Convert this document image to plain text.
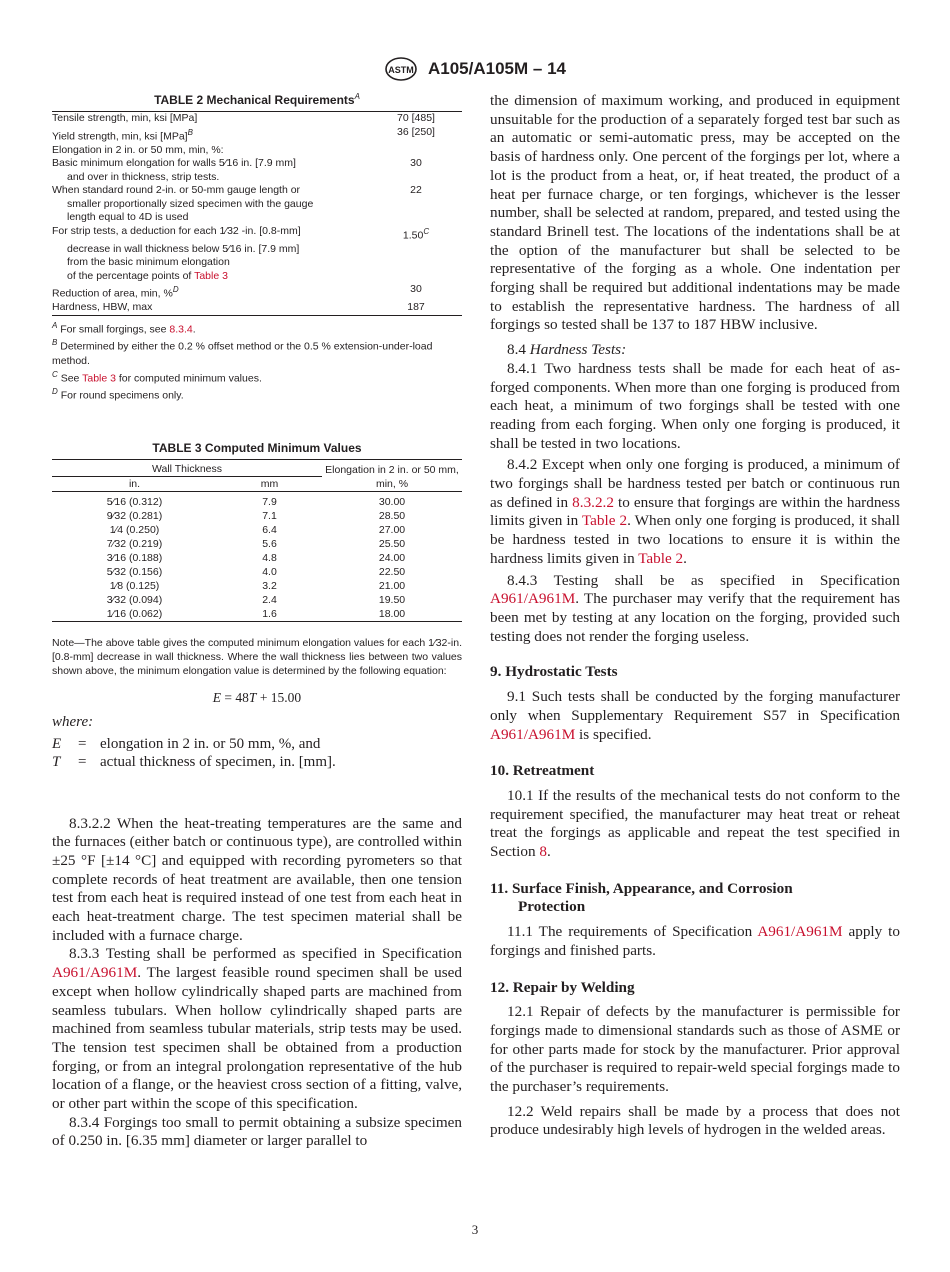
ASTM A105/A105M – 14
TABLE 2 Mechanical Requirements$^A$
Tensile strength, min, ksi [MPa]	70 [485]
Yield strength, min, ksi [MPa]$^B$	36 [250]
Elongation in 2 in. or 50 mm, min, %:	
Basic minimum elongation for walls 5⁄16 in. [7.9 mm]	30
and over in thickness, strip tests.	
When standard round 2-in. or 50-mm gauge length or	22
smaller proportionally sized specimen with the gauge	
length equal to 4D is used	
For strip tests, a deduction for each 1⁄32 -in. [0.8-mm]	$1.50^C$
decrease in wall thickness below 5⁄16 in. [7.9 mm]	
from the basic minimum elongation	
of the percentage points of Table 3	
Reduction of area, min, %$^D$	30
Hardness, HBW, max	187
$^A$ For small forgings, see 8.3.4.
$^B$ Determined by either the 0.2 % offset method or the 0.5 % extension-under-load method.
$^C$ See Table 3 for computed minimum values.
$^D$ For round specimens only.
TABLE 3 Computed Minimum Values
Wall Thickness		Elongation in 2 in. or 50 mm, min, %
in.	mm	
5⁄16 (0.312)	7.9	30.00
9⁄32 (0.281)	7.1	28.50
1⁄4 (0.250)	6.4	27.00
7⁄32 (0.219)	5.6	25.50
3⁄16 (0.188)	4.8	24.00
5⁄32 (0.156)	4.0	22.50
1⁄8 (0.125)	3.2	21.00
3⁄32 (0.094)	2.4	19.50
1⁄16 (0.062)	1.6	18.00
Note—The above table gives the computed minimum elongation values for each 1⁄32-in. [0.8-mm] decrease in wall thickness. Where the wall thickness lies between two values shown above, the minimum elongation value is determined by the following equation:
E = 48T + 15.00
where:
E = elongation in 2 in. or 50 mm, %, and
T = actual thickness of specimen, in. [mm].

8.3.2.2 When the heat-treating temperatures are the same and the furnaces (either batch or continuous type), are controlled within ±25 °F [±14 °C] and equipped with recording pyrometers so that complete records of heat treatment are available, then one tension test from each heat is required instead of one test from each heat in each heat-treatment charge. The test specimen material shall be included with a furnace charge.

8.3.3 Testing shall be performed as specified in Specification A961/A961M. The largest feasible round specimen shall be used except when hollow cylindrically shaped parts are machined from seamless tubulars. When hollow cylindrically shaped parts are machined from seamless tubular materials, strip tests may be used. The tension test specimen shall be obtained from a production forging, or from an integral prolongation representative of the hub location of a flange, or the heaviest cross section of a fitting, valve, or other part within the scope of this specification.

8.3.4 Forgings too small to permit obtaining a subsize specimen of 0.250 in. [6.35 mm] diameter or larger parallel to

the dimension of maximum working, and produced in equipment unsuitable for the production of a separately forged test bar such as an automatic or semi-automatic press, may be accepted on the basis of hardness only. One percent of the forgings per lot, where a lot is the product from a heat, or, if heat treated, the product of a heat per furnace charge, or ten forgings, whichever is the lesser number, shall be selected at random, prepared, and tested using the standard Brinell test. The locations of the indentations shall be at the option of the manufacturer but shall be selected to be representative of the forging as a whole. One indentation per forging shall be required but additional indentations may be made to establish the representative hardness. The hardness of all forgings so tested shall be 137 to 187 HBW inclusive.

8.4 Hardness Tests:

8.4.1 Two hardness tests shall be made for each heat of as-forged components. When more than one forging is produced from each heat, a minimum of two forgings shall be tested with one reading from each forging. When only one forging is produced, it shall be tested in two locations.

8.4.2 Except when only one forging is produced, a minimum of two forgings shall be hardness tested per batch or continuous run as defined in 8.3.2.2 to ensure that forgings are within the hardness limits given in Table 2. When only one forging is produced, it shall be hardness tested in two locations to ensure it is within the hardness limits given in Table 2.

8.4.3 Testing shall be as specified in Specification A961/A961M. The purchaser may verify that the requirement has been met by testing at any location on the forging, provided such testing does not render the forging useless.

9. Hydrostatic Tests

9.1 Such tests shall be conducted by the forging manufacturer only when Supplementary Requirement S57 in Specification A961/A961M is specified.

10. Retreatment

10.1 If the results of the mechanical tests do not conform to the requirement specified, the manufacturer may heat treat or reheat treat the forgings as applicable and repeat the test specified in Section 8.

11. Surface Finish, Appearance, and Corrosion
Protection

11.1 The requirements of Specification A961/A961M apply to forgings and finished parts.

12. Repair by Welding

12.1 Repair of defects by the manufacturer is permissible for forgings made to dimensional standards such as those of ASME or for other parts made for stock by the manufacturer. Prior approval of the purchaser is required to repair-weld special forgings made to the purchaser’s requirements.

12.2 Weld repairs shall be made by a process that does not produce undesirably high levels of hydrogen in the welded areas.

3
